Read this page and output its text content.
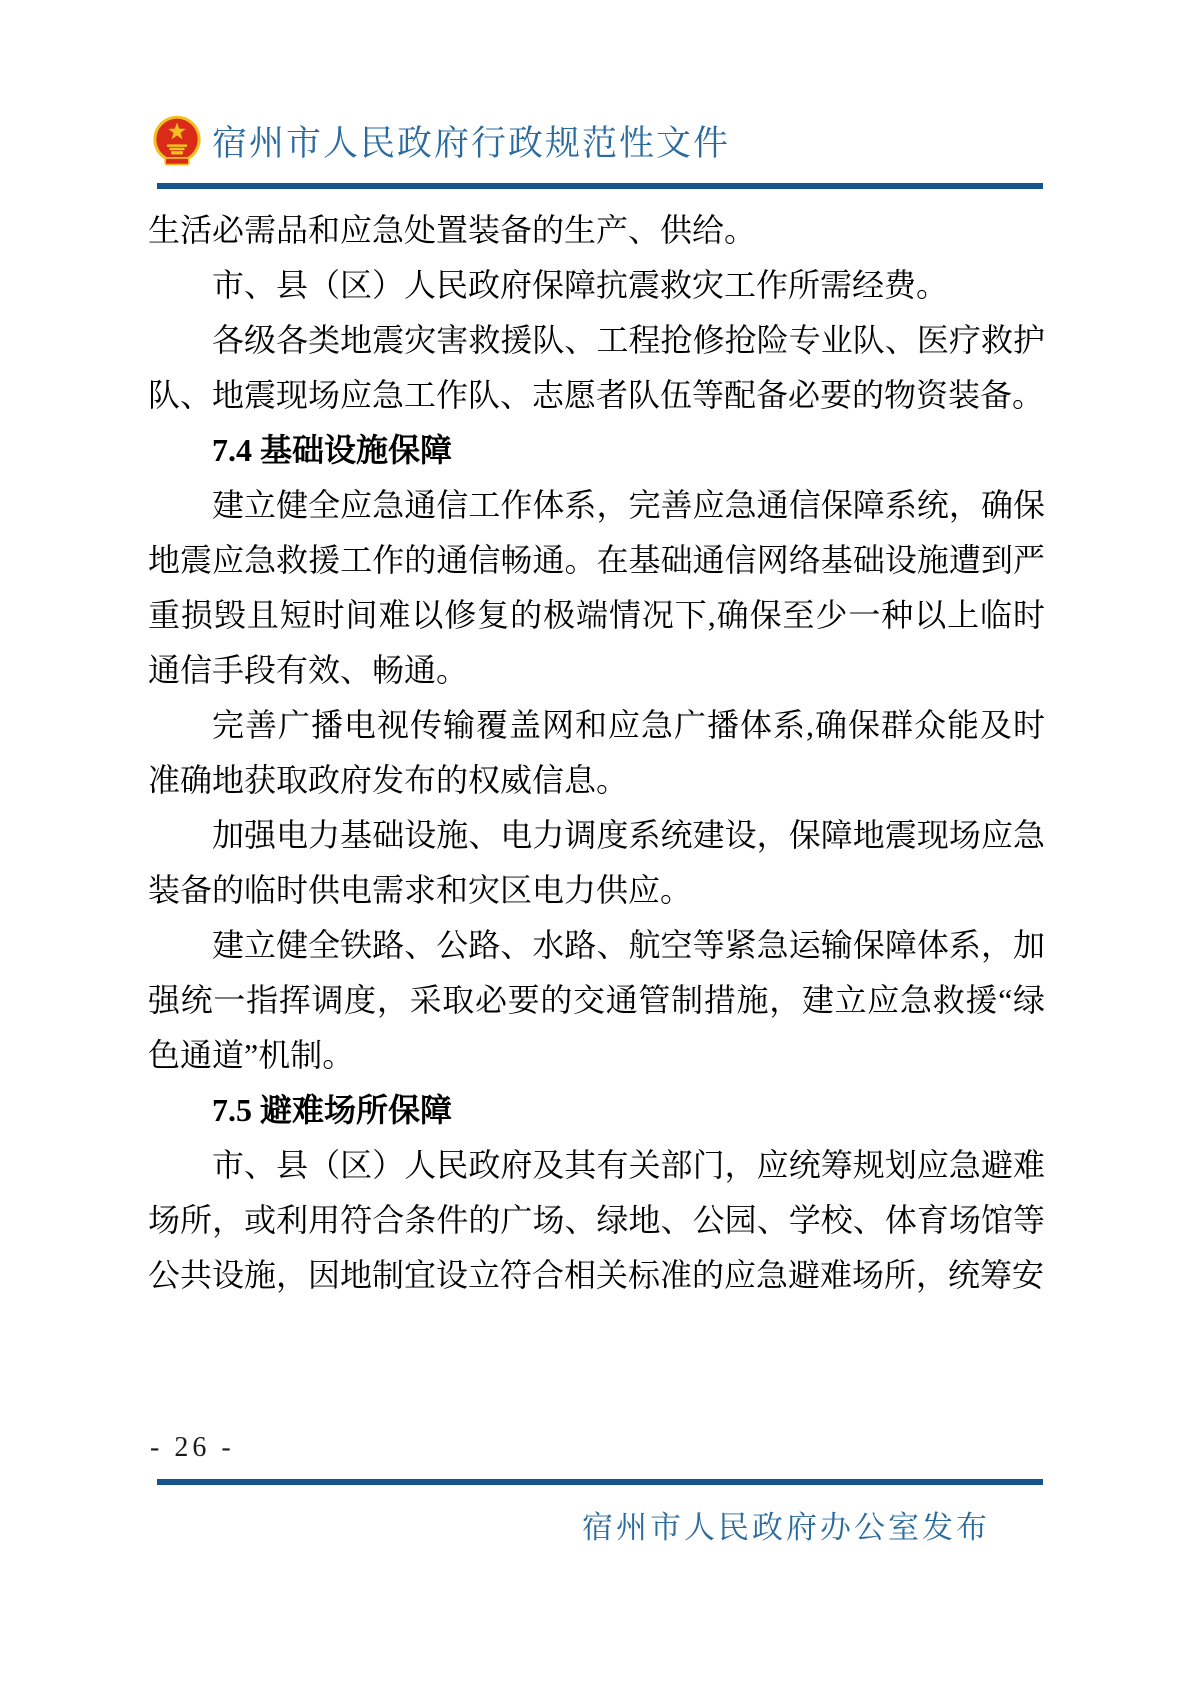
宿州市人民政府行政规范性文件

生活必需品和应急处置装备的生产、供给。

市、县（区）人民政府保障抗震救灾工作所需经费。

各级各类地震灾害救援队、工程抢修抢险专业队、医疗救护队、地震现场应急工作队、志愿者队伍等配备必要的物资装备。

7.4 基础设施保障

建立健全应急通信工作体系，完善应急通信保障系统，确保地震应急救援工作的通信畅通。在基础通信网络基础设施遭到严重损毁且短时间难以修复的极端情况下,确保至少一种以上临时通信手段有效、畅通。

完善广播电视传输覆盖网和应急广播体系,确保群众能及时准确地获取政府发布的权威信息。

加强电力基础设施、电力调度系统建设，保障地震现场应急装备的临时供电需求和灾区电力供应。

建立健全铁路、公路、水路、航空等紧急运输保障体系，加强统一指挥调度，采取必要的交通管制措施，建立应急救援“绿色通道”机制。

7.5 避难场所保障

市、县（区）人民政府及其有关部门，应统筹规划应急避难场所，或利用符合条件的广场、绿地、公园、学校、体育场馆等公共设施，因地制宜设立符合相关标准的应急避难场所，统筹安

- 26 -
宿州市人民政府办公室发布
